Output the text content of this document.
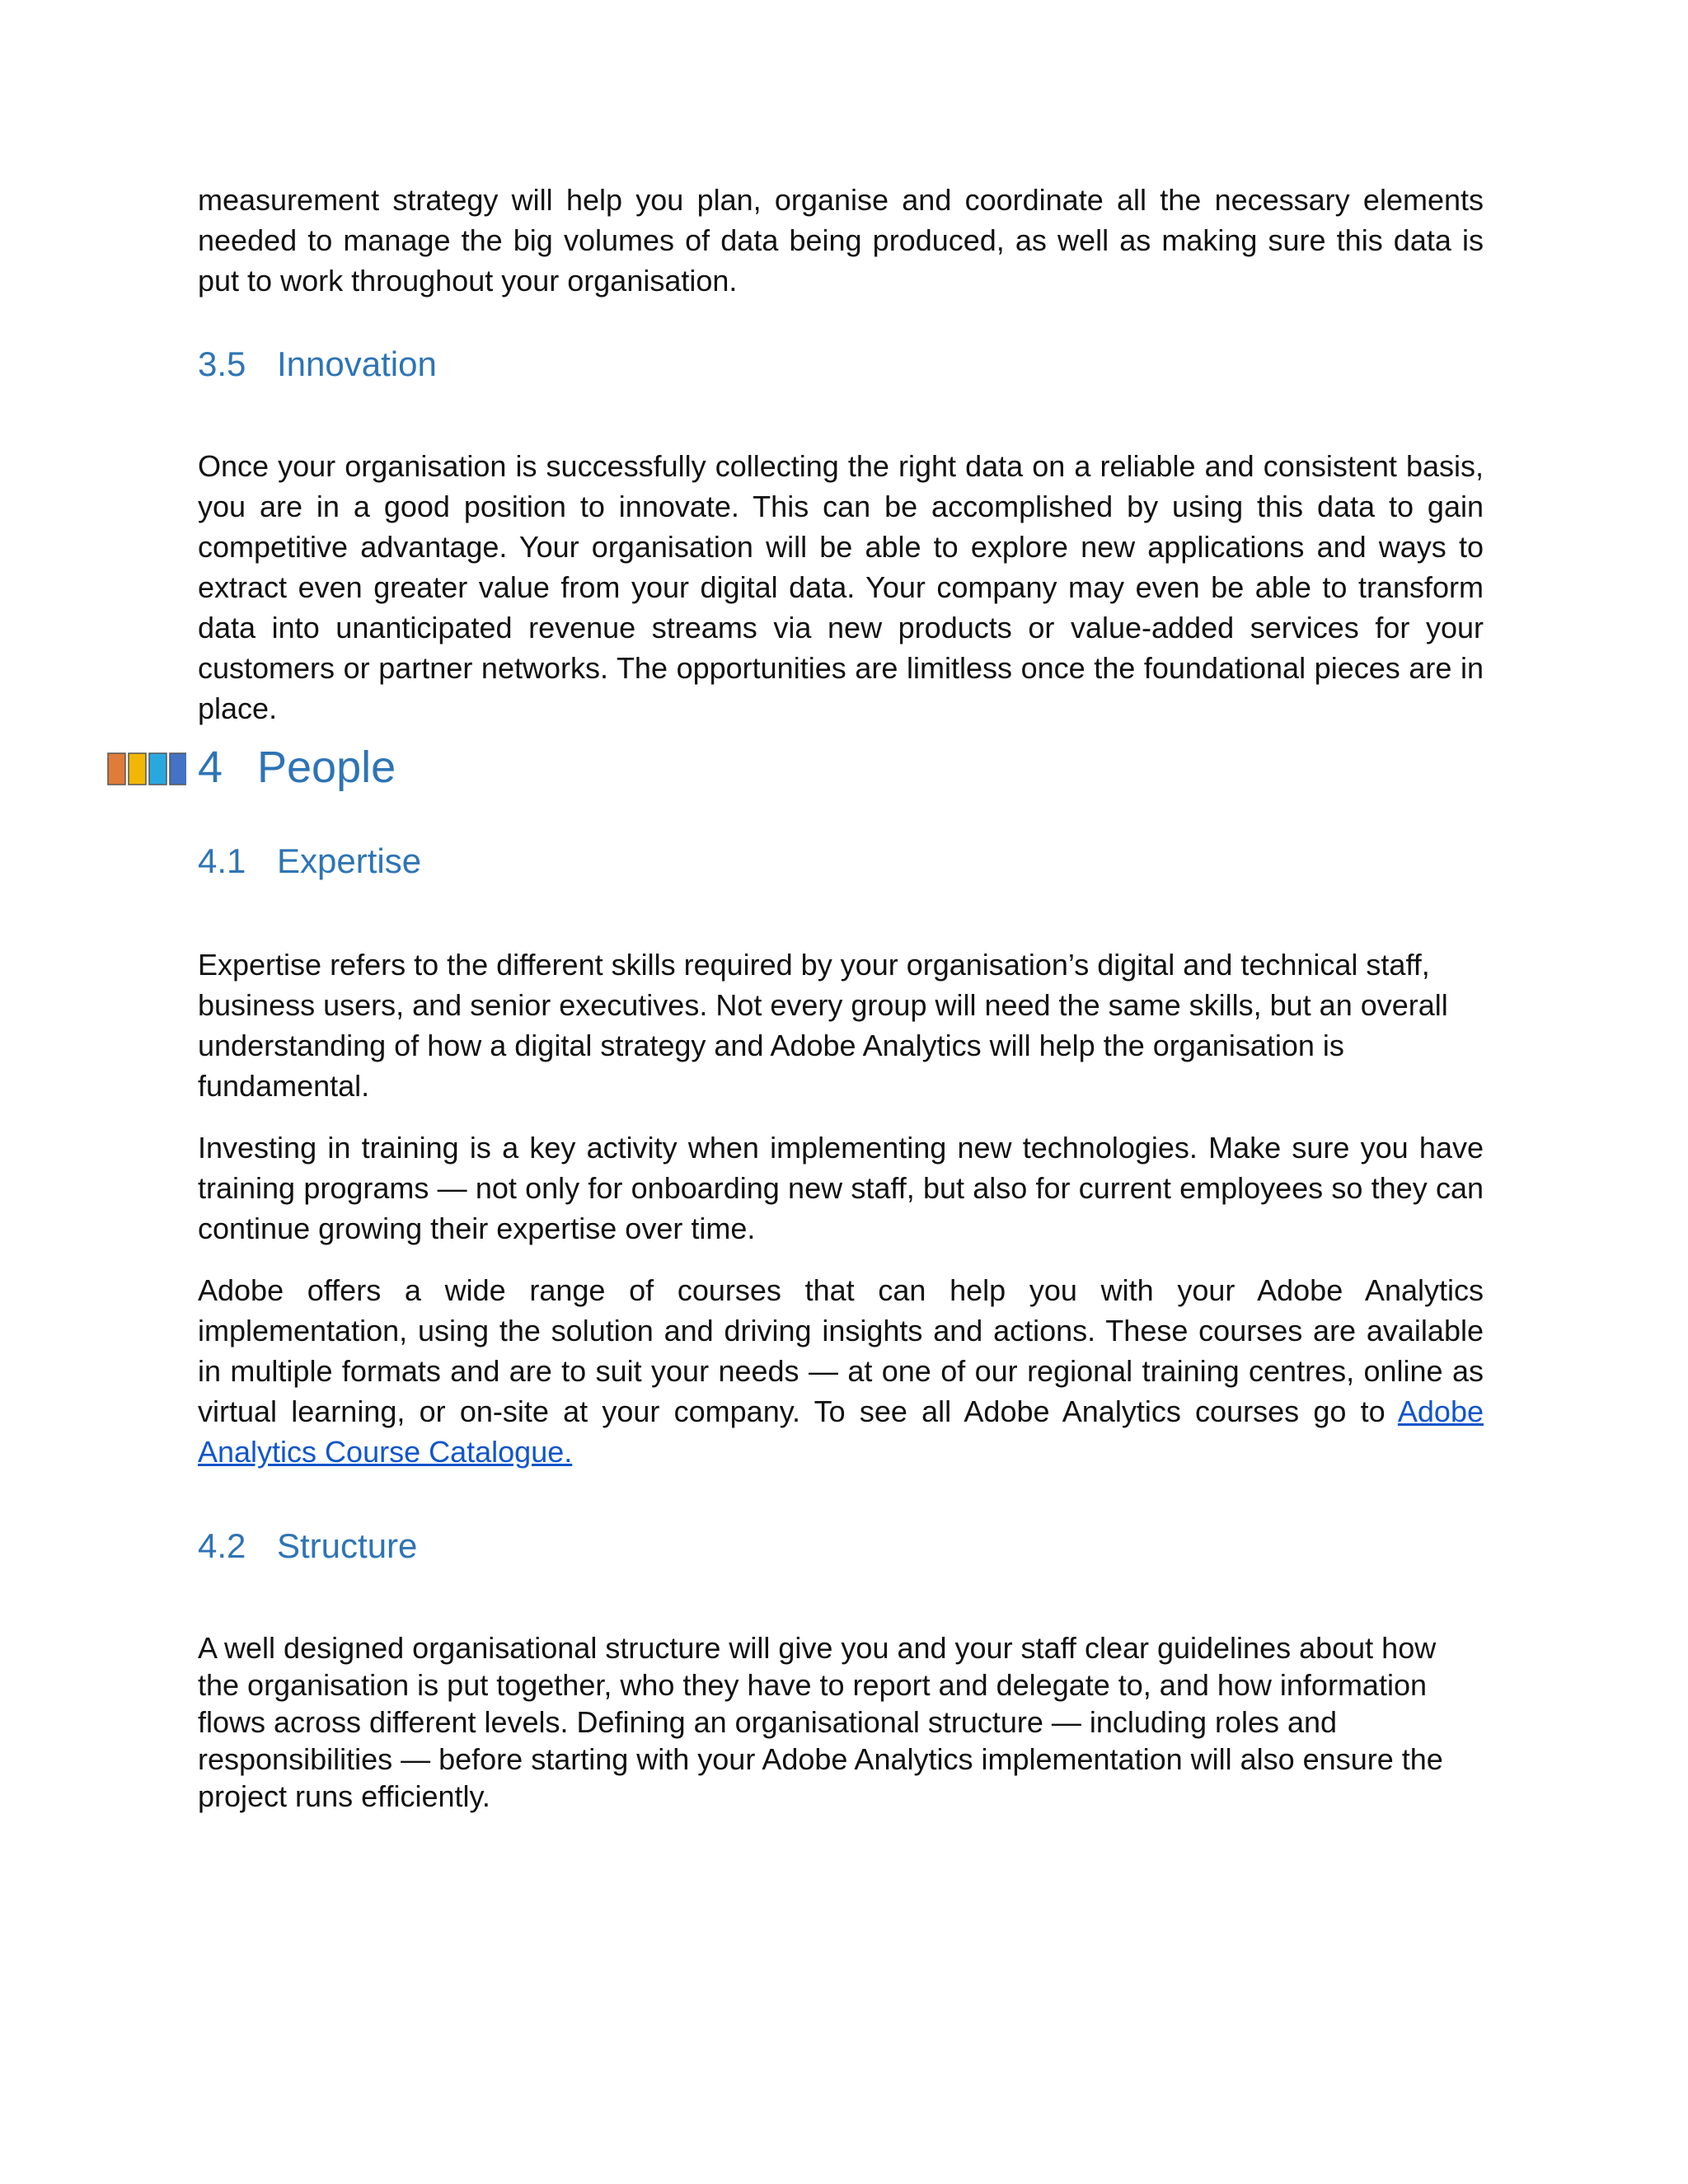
measurement strategy will help you plan, organise and coordinate all the necessary elements needed to manage the big volumes of data being produced, as well as making sure this data is put to work throughout your organisation.

3.5 Innovation

Once your organisation is successfully collecting the right data on a reliable and consistent basis, you are in a good position to innovate. This can be accomplished by using this data to gain competitive advantage. Your organisation will be able to explore new applications and ways to extract even greater value from your digital data. Your company may even be able to transform data into unanticipated revenue streams via new products or value-added services for your customers or partner networks. The opportunities are limitless once the foundational pieces are in place.

4 People
4.1 Expertise

Expertise refers to the different skills required by your organisation’s digital and technical staff, business users, and senior executives. Not every group will need the same skills, but an overall understanding of how a digital strategy and Adobe Analytics will help the organisation is fundamental.

Investing in training is a key activity when implementing new technologies. Make sure you have training programs — not only for onboarding new staff, but also for current employees so they can continue growing their expertise over time.

Adobe offers a wide range of courses that can help you with your Adobe Analytics implementation, using the solution and driving insights and actions. These courses are available in multiple formats and are to suit your needs — at one of our regional training centres, online as virtual learning, or on-site at your company. To see all Adobe Analytics courses go to Adobe Analytics Course Catalogue.

4.2 Structure

A well designed organisational structure will give you and your staff clear guidelines about how the organisation is put together, who they have to report and delegate to, and how information flows across different levels. Defining an organisational structure — including roles and responsibilities — before starting with your Adobe Analytics implementation will also ensure the project runs efficiently.
